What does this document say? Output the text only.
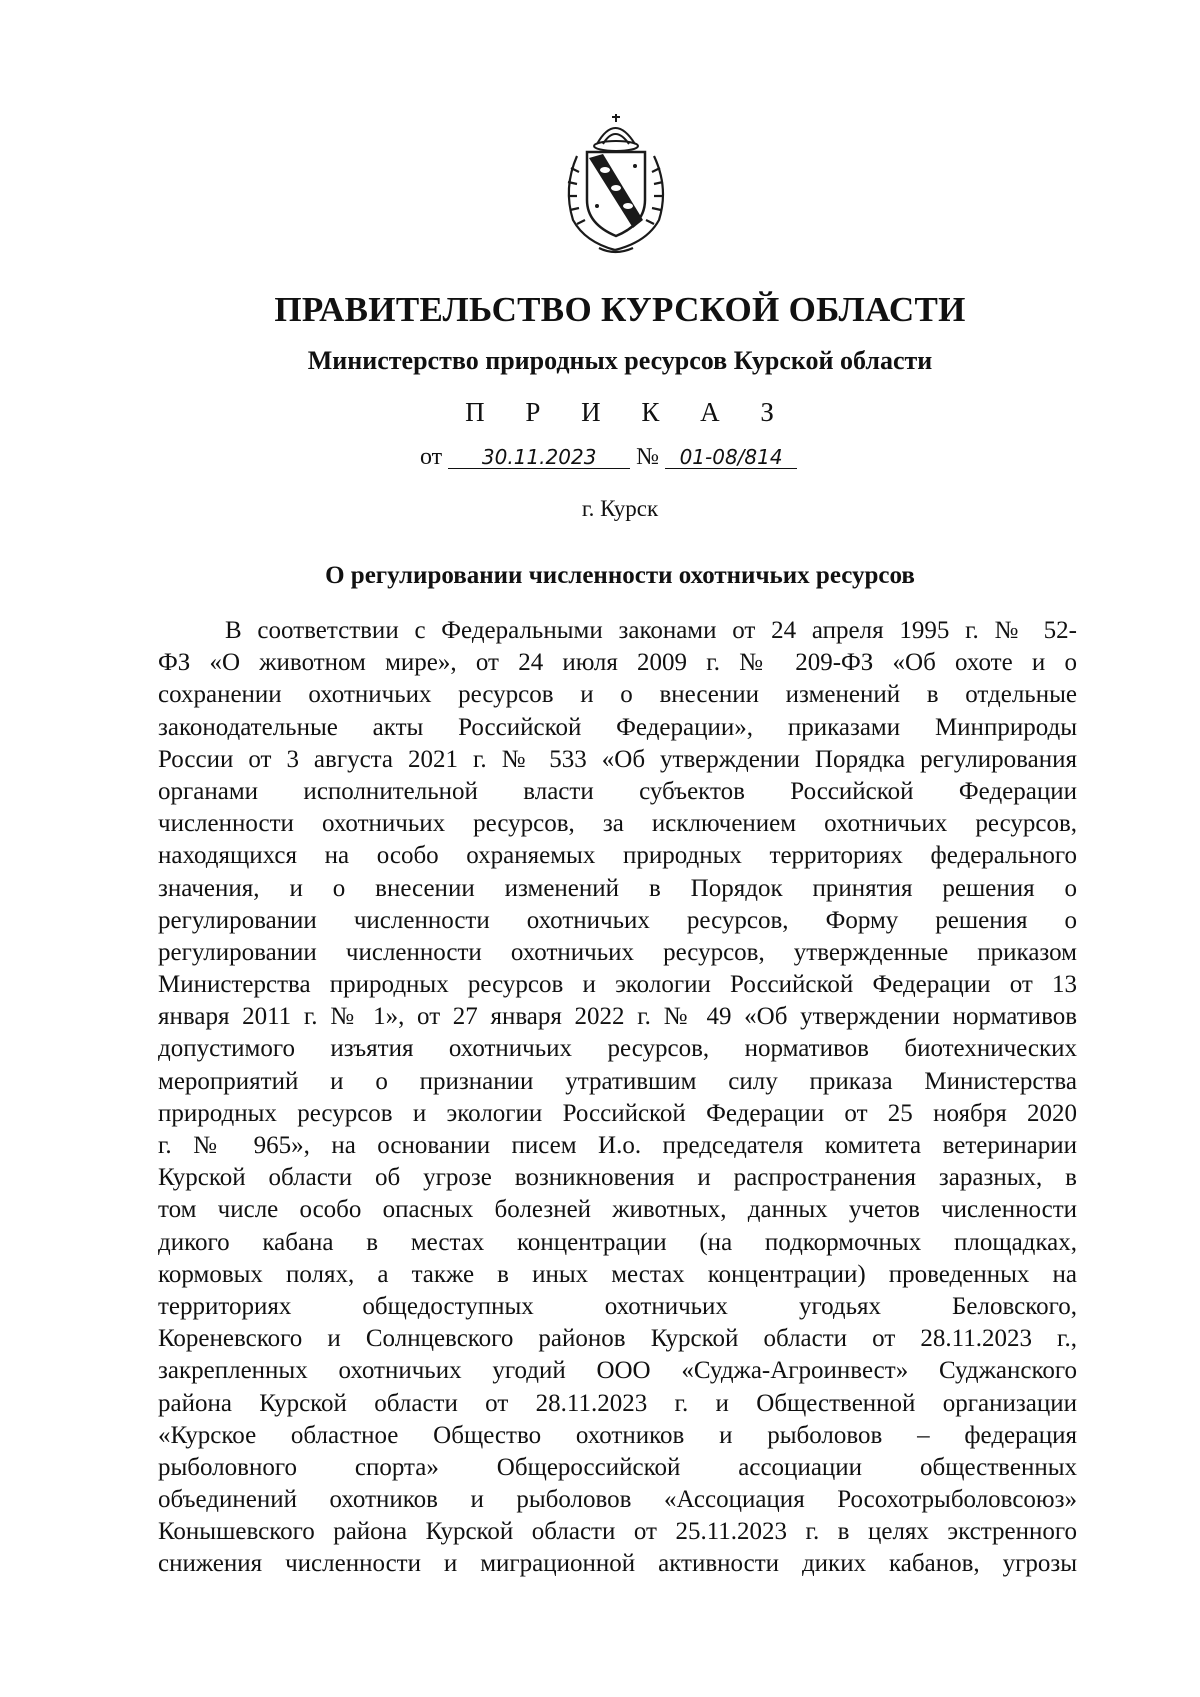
ПРАВИТЕЛЬСТВО КУРСКОЙ ОБЛАСТИ
Министерство природных ресурсов Курской области
П Р И К А З
от 30.11.2023 № 01-08/814
г. Курск
О регулировании численности охотничьих ресурсов
В соответствии с Федеральными законами от 24 апреля 1995 г. № 52-
ФЗ «О животном мире», от 24 июля 2009 г. № 209-ФЗ «Об охоте и о
сохранении охотничьих ресурсов и о внесении изменений в отдельные
законодательные акты Российской Федерации», приказами Минприроды
России от 3 августа 2021 г. № 533 «Об утверждении Порядка регулирования
органами исполнительной власти субъектов Российской Федерации
численности охотничьих ресурсов, за исключением охотничьих ресурсов,
находящихся на особо охраняемых природных территориях федерального
значения, и о внесении изменений в Порядок принятия решения о
регулировании численности охотничьих ресурсов, Форму решения о
регулировании численности охотничьих ресурсов, утвержденные приказом
Министерства природных ресурсов и экологии Российской Федерации от 13
января 2011 г. № 1», от 27 января 2022 г. № 49 «Об утверждении нормативов
допустимого изъятия охотничьих ресурсов, нормативов биотехнических
мероприятий и о признании утратившим силу приказа Министерства
природных ресурсов и экологии Российской Федерации от 25 ноября 2020
г. № 965», на основании писем И.о. председателя комитета ветеринарии
Курской области об угрозе возникновения и распространения заразных, в
том числе особо опасных болезней животных, данных учетов численности
дикого кабана в местах концентрации (на подкормочных площадках,
кормовых полях, а также в иных местах концентрации) проведенных на
территориях общедоступных охотничьих угодьях Беловского,
Кореневского и Солнцевского районов Курской области от 28.11.2023 г.,
закрепленных охотничьих угодий ООО «Суджа-Агроинвест» Суджанского
района Курской области от 28.11.2023 г. и Общественной организации
«Курское областное Общество охотников и рыболовов – федерация
рыболовного спорта» Общероссийской ассоциации общественных
объединений охотников и рыболовов «Ассоциация Росохотрыболовсоюз»
Конышевского района Курской области от 25.11.2023 г. в целях экстренного
снижения численности и миграционной активности диких кабанов, угрозы
